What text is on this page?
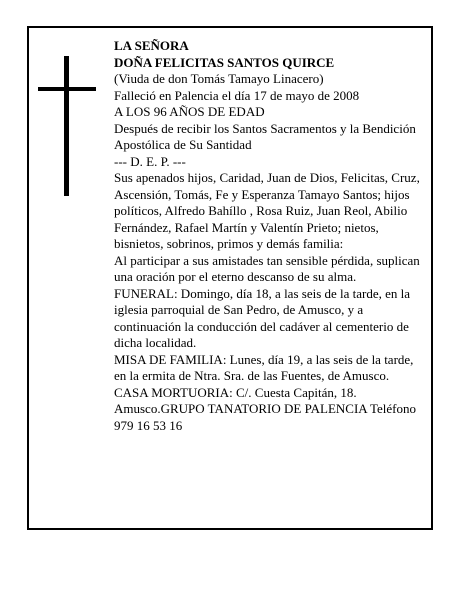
LA SEÑORA

DOÑA FELICITAS SANTOS QUIRCE

(Viuda de don Tomás Tamayo Linacero)

Falleció en Palencia el día 17 de mayo de 2008

A LOS 96 AÑOS DE EDAD

Después de recibir los Santos Sacramentos y la Bendición Apostólica de Su Santidad

--- D. E. P. ---

Sus apenados hijos, Caridad, Juan de Dios, Felicitas, Cruz, Ascensión, Tomás, Fe y Esperanza Tamayo Santos; hijos políticos, Alfredo Bahíllo , Rosa Ruiz, Juan Reol, Abilio Fernández, Rafael Martín y Valentín Prieto; nietos, bisnietos, sobrinos, primos y demás familia:

Al participar a sus amistades tan sensible pérdida, suplican una oración por el eterno descanso de su alma.

FUNERAL: Domingo, día 18, a las seis de la tarde, en la iglesia parroquial de San Pedro, de Amusco, y a continuación la conducción del cadáver al cementerio de dicha localidad.

MISA DE FAMILIA: Lunes, día 19, a las seis de la tarde, en la ermita de Ntra. Sra. de las Fuentes, de Amusco.

CASA MORTUORIA: C/. Cuesta Capitán, 18. Amusco.GRUPO TANATORIO DE PALENCIA Teléfono 979 16 53 16
